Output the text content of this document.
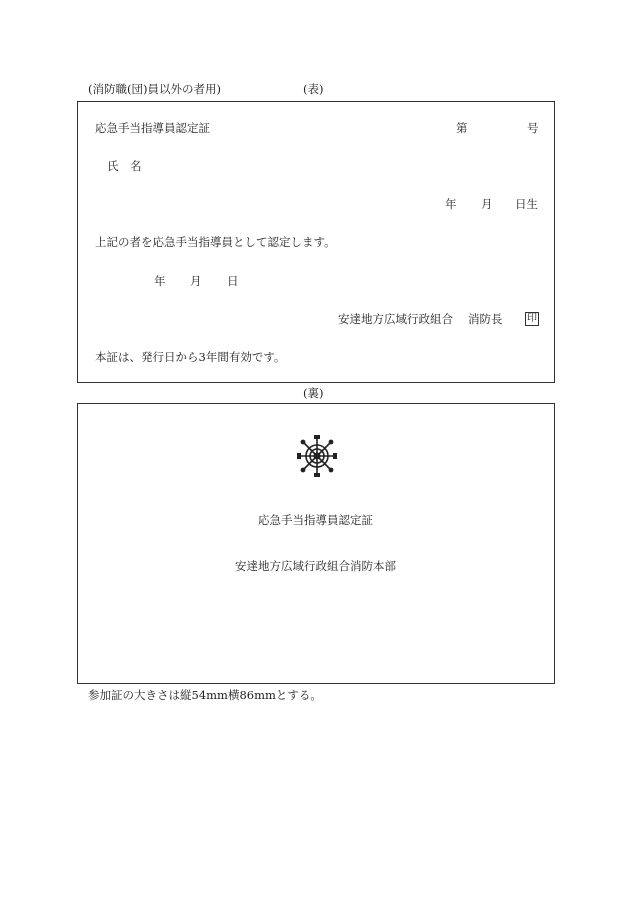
(消防職(団)員以外の者用)	(表)
応急手当指導員認定証	第	号
氏　名
年 月 日生
上記の者を応急手当指導員として認定します。
年 月 日
安達地方広域行政組合 消防長 印
本証は、発行日から3年間有効です。
(裏)
応急手当指導員認定証
安達地方広域行政組合消防本部
参加証の大きさは縦54mm横86mmとする。
